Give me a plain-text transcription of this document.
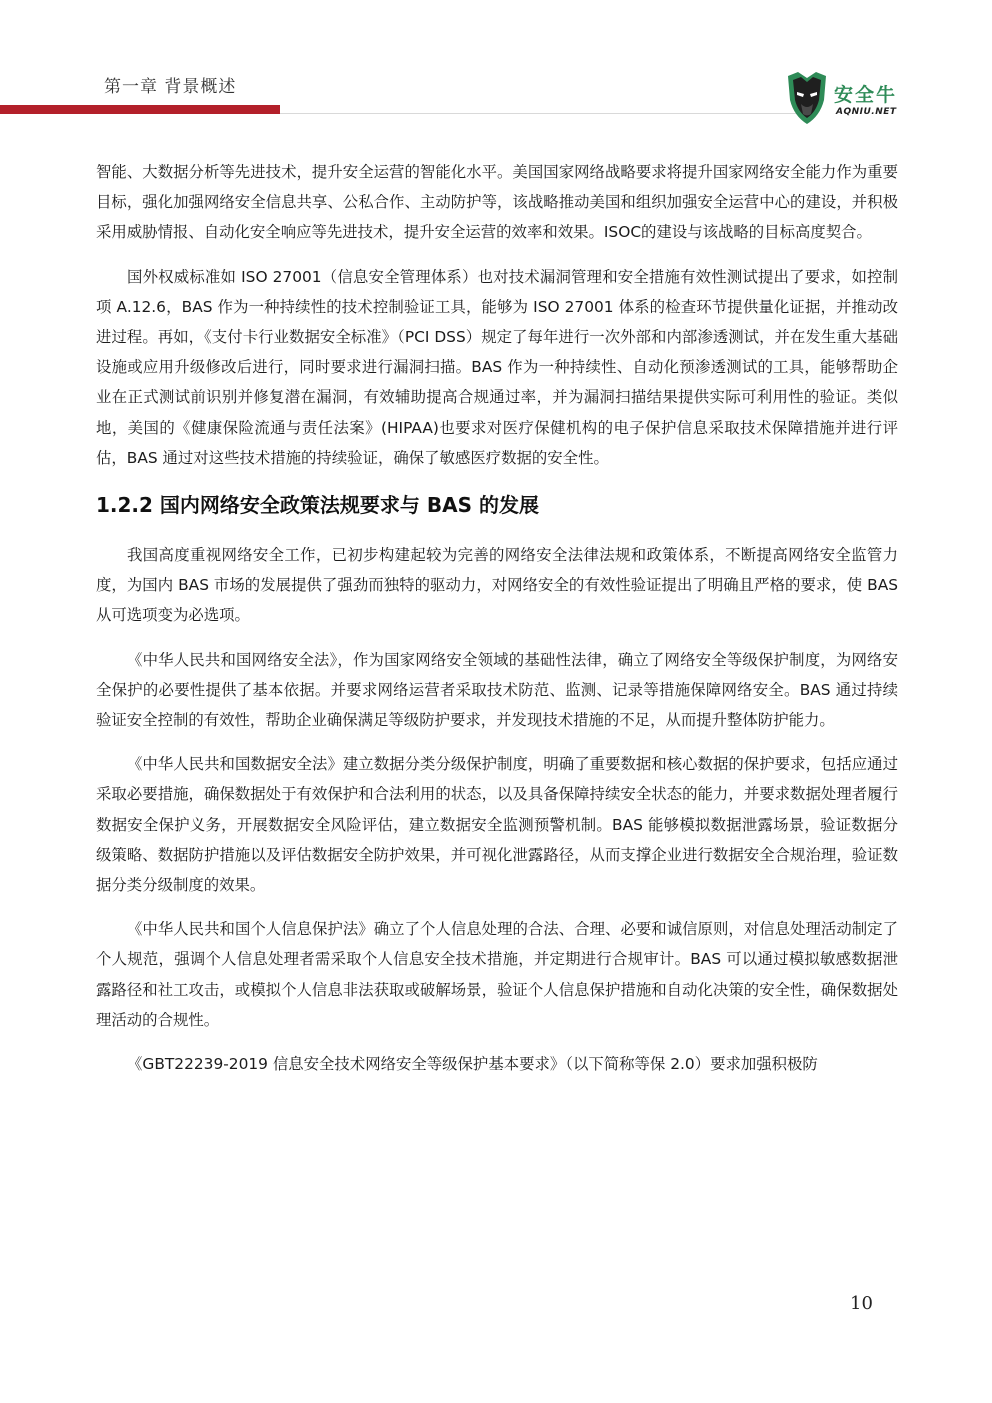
第一章 背景概述	安全牛
AQNIU.NET

智能、大数据分析等先进技术，提升安全运营的智能化水平。美国国家网络战略要求将提升国家网络安全能力作为重要目标，强化加强网络安全信息共享、公私合作、主动防护等，该战略推动美国和组织加强安全运营中心的建设，并积极采用威胁情报、自动化安全响应等先进技术，提升安全运营的效率和效果。ISOC的建设与该战略的目标高度契合。

国外权威标准如 ISO 27001（信息安全管理体系）也对技术漏洞管理和安全措施有效性测试提出了要求，如控制项 A.12.6，BAS 作为一种持续性的技术控制验证工具，能够为 ISO 27001 体系的检查环节提供量化证据，并推动改进过程。再如，《支付卡行业数据安全标准》（PCI DSS）规定了每年进行一次外部和内部渗透测试，并在发生重大基础设施或应用升级修改后进行，同时要求进行漏洞扫描。BAS 作为一种持续性、自动化预渗透测试的工具，能够帮助企业在正式测试前识别并修复潜在漏洞，有效辅助提高合规通过率，并为漏洞扫描结果提供实际可利用性的验证。类似地，美国的《健康保险流通与责任法案》(HIPAA)也要求对医疗保健机构的电子保护信息采取技术保障措施并进行评估，BAS 通过对这些技术措施的持续验证，确保了敏感医疗数据的安全性。

1.2.2 国内网络安全政策法规要求与 BAS 的发展

我国高度重视网络安全工作，已初步构建起较为完善的网络安全法律法规和政策体系，不断提高网络安全监管力度，为国内 BAS 市场的发展提供了强劲而独特的驱动力，对网络安全的有效性验证提出了明确且严格的要求，使 BAS 从可选项变为必选项。

《中华人民共和国网络安全法》，作为国家网络安全领域的基础性法律，确立了网络安全等级保护制度，为网络安全保护的必要性提供了基本依据。并要求网络运营者采取技术防范、监测、记录等措施保障网络安全。BAS 通过持续验证安全控制的有效性，帮助企业确保满足等级防护要求，并发现技术措施的不足，从而提升整体防护能力。

《中华人民共和国数据安全法》建立数据分类分级保护制度，明确了重要数据和核心数据的保护要求，包括应通过采取必要措施，确保数据处于有效保护和合法利用的状态，以及具备保障持续安全状态的能力，并要求数据处理者履行数据安全保护义务，开展数据安全风险评估，建立数据安全监测预警机制。BAS 能够模拟数据泄露场景，验证数据分级策略、数据防护措施以及评估数据安全防护效果，并可视化泄露路径，从而支撑企业进行数据安全合规治理，验证数据分类分级制度的效果。

《中华人民共和国个人信息保护法》确立了个人信息处理的合法、合理、必要和诚信原则，对信息处理活动制定了个人规范，强调个人信息处理者需采取个人信息安全技术措施，并定期进行合规审计。BAS 可以通过模拟敏感数据泄露路径和社工攻击，或模拟个人信息非法获取或破解场景，验证个人信息保护措施和自动化决策的安全性，确保数据处理活动的合规性。

《GBT22239-2019 信息安全技术网络安全等级保护基本要求》（以下简称等保 2.0）要求加强积极防

10
